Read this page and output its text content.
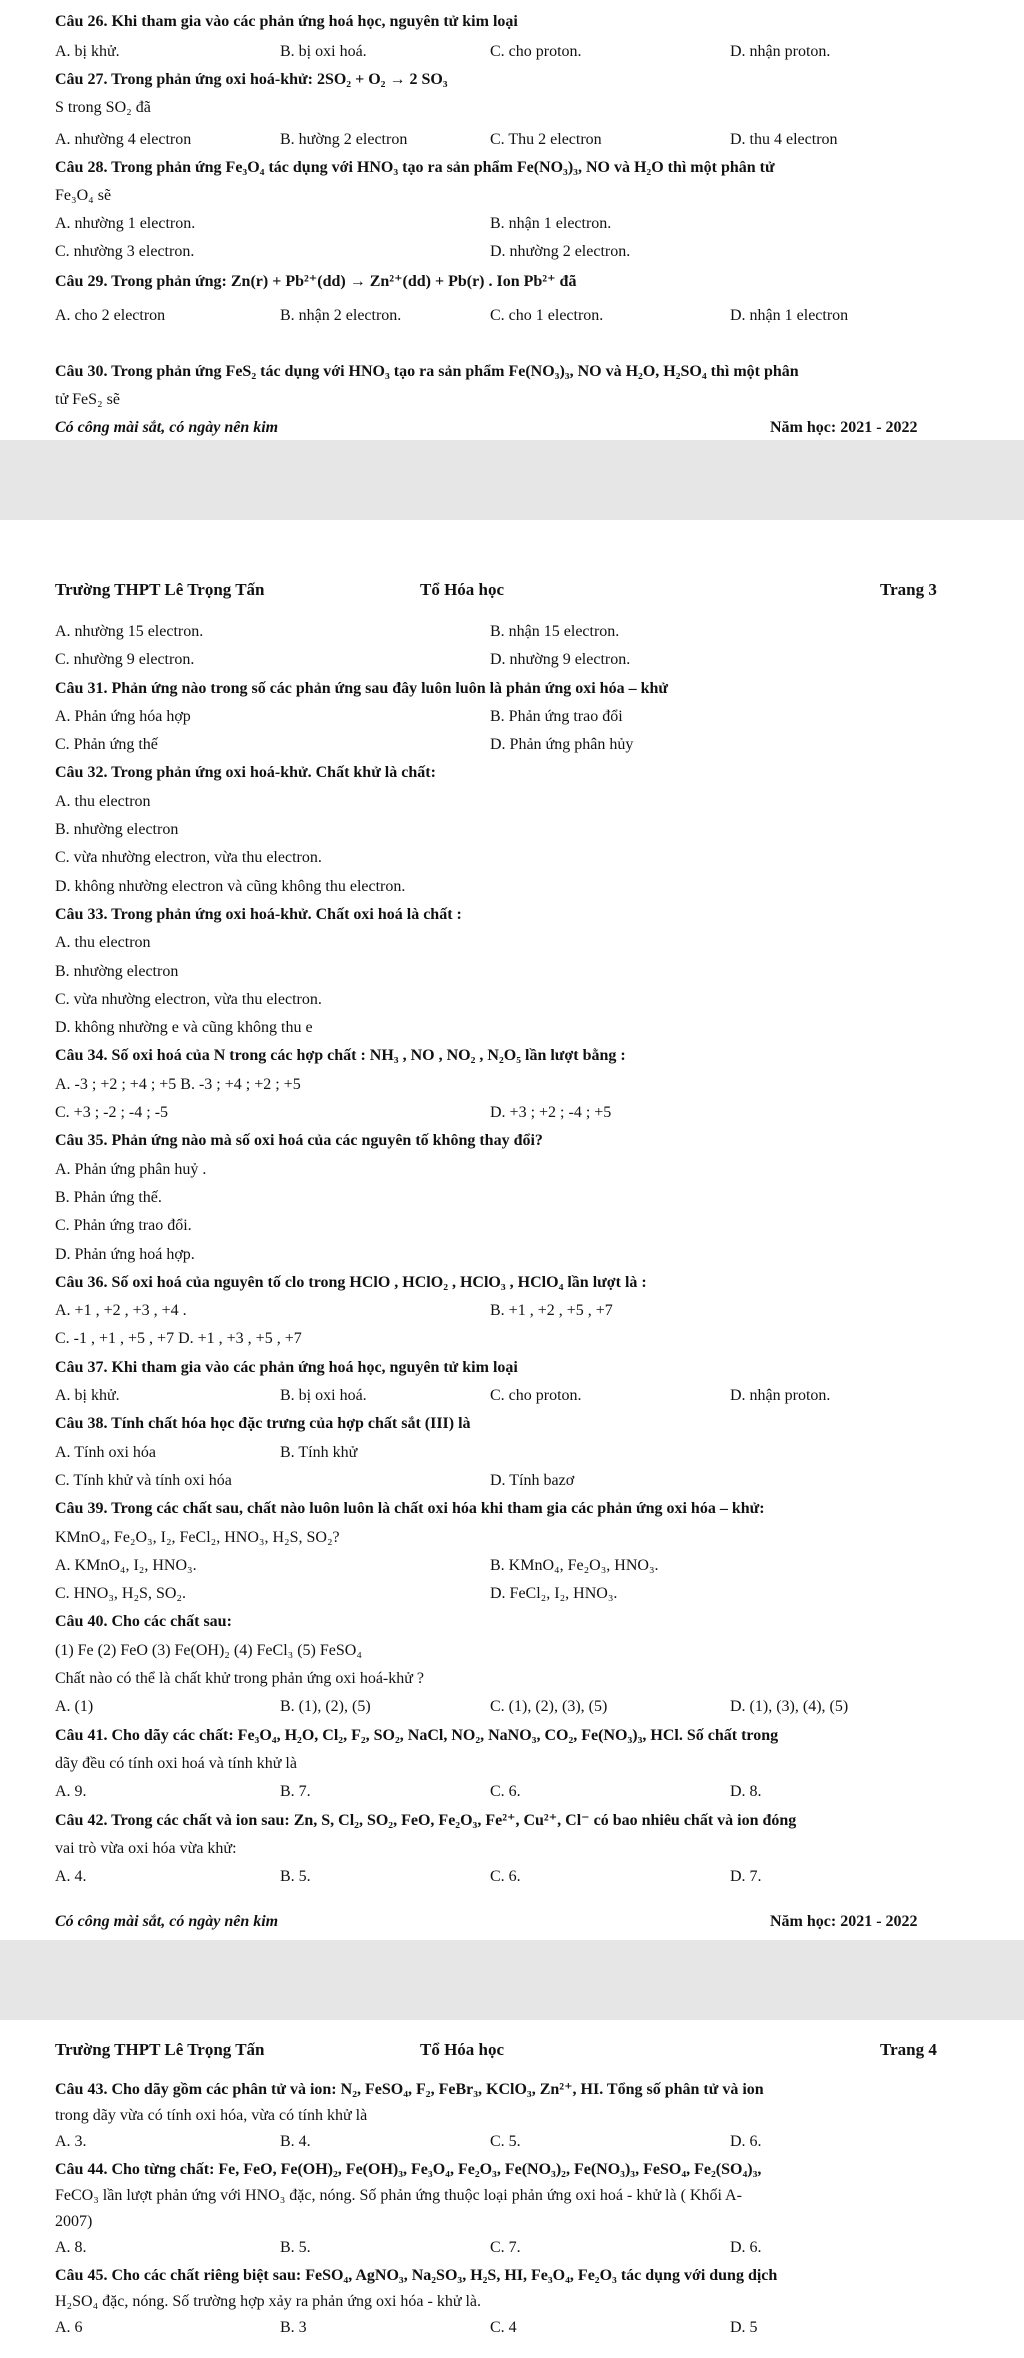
Câu 26. Khi tham gia vào các phản ứng hoá học, nguyên tử kim loại
A. bị khử.	B. bị oxi hoá.	C. cho proton.	D. nhận proton.
Câu 27. Trong phản ứng oxi hoá-khử: 2SO₂ + O₂ → 2 SO₃
S trong SO₂ đã
A. nhường 4 electron	B. hường 2 electron	C. Thu 2 electron	D. thu 4 electron
Câu 28. Trong phản ứng Fe₃O₄ tác dụng với HNO₃ tạo ra sản phẩm Fe(NO₃)₃, NO và H₂O thì một phân tử
Fe₃O₄ sẽ
A. nhường 1 electron.	B. nhận 1 electron.
C. nhường 3 electron.	D. nhường 2 electron.
Câu 29. Trong phản ứng: Zn(r) + Pb²⁺(dd) → Zn²⁺(dd) + Pb(r) . Ion Pb²⁺ đã
A. cho 2 electron	B. nhận 2 electron.	C. cho 1 electron.	D. nhận 1 electron
Câu 30. Trong phản ứng FeS₂ tác dụng với HNO₃ tạo ra sản phẩm Fe(NO₃)₃, NO và H₂O, H₂SO₄ thì một phân
tử FeS₂ sẽ
Có công mài sắt, có ngày nên kim	Năm học: 2021 - 2022
Trường THPT Lê Trọng Tấn	Tổ Hóa học	Trang 3
A. nhường 15 electron.	B. nhận 15 electron.
C. nhường 9 electron.	D. nhường 9 electron.
Câu 31. Phản ứng nào trong số các phản ứng sau đây luôn luôn là phản ứng oxi hóa – khử
A. Phản ứng hóa hợp	B. Phản ứng trao đổi
C. Phản ứng thế	D. Phản ứng phân hủy
Câu 32. Trong phản ứng oxi hoá-khử. Chất khử là chất:
A. thu electron
B. nhường electron
C. vừa nhường electron, vừa thu electron.
D. không nhường electron và cũng không thu electron.
Câu 33. Trong phản ứng oxi hoá-khử. Chất oxi hoá là chất :
A. thu electron
B. nhường electron
C. vừa nhường electron, vừa thu electron.
D. không nhường e và cũng không thu e
Câu 34. Số oxi hoá của N trong các hợp chất : NH₃ , NO , NO₂ , N₂O₅ lần lượt bằng :
A. -3 ; +2 ; +4 ; +5 B. -3 ; +4 ; +2 ; +5
C. +3 ; -2 ; -4 ; -5	D. +3 ; +2 ; -4 ; +5
Câu 35. Phản ứng nào mà số oxi hoá của các nguyên tố không thay đổi?
A. Phản ứng phân huỷ .
B. Phản ứng thế.
C. Phản ứng trao đổi.
D. Phản ứng hoá hợp.
Câu 36. Số oxi hoá của nguyên tố clo trong HClO , HClO₂ , HClO₃ , HClO₄ lần lượt là :
A. +1 , +2 , +3 , +4 .	B. +1 , +2 , +5 , +7
C. -1 , +1 , +5 , +7 D. +1 , +3 , +5 , +7
Câu 37. Khi tham gia vào các phản ứng hoá học, nguyên tử kim loại
A. bị khử.	B. bị oxi hoá.	C. cho proton.	D. nhận proton.
Câu 38. Tính chất hóa học đặc trưng của hợp chất sắt (III) là
A. Tính oxi hóa	B. Tính khử
C. Tính khử và tính oxi hóa	D. Tính bazơ
Câu 39. Trong các chất sau, chất nào luôn luôn là chất oxi hóa khi tham gia các phản ứng oxi hóa – khử:
KMnO₄, Fe₂O₃, I₂, FeCl₂, HNO₃, H₂S, SO₂?
A. KMnO₄, I₂, HNO₃.	B. KMnO₄, Fe₂O₃, HNO₃.
C. HNO₃, H₂S, SO₂.	D. FeCl₂, I₂, HNO₃.
Câu 40. Cho các chất sau:
(1) Fe (2) FeO (3) Fe(OH)₂ (4) FeCl₃ (5) FeSO₄
Chất nào có thể là chất khử trong phản ứng oxi hoá-khử ?
A. (1)	B. (1), (2), (5)	C. (1), (2), (3), (5)	D. (1), (3), (4), (5)
Câu 41. Cho dãy các chất: Fe₃O₄, H₂O, Cl₂, F₂, SO₂, NaCl, NO₂, NaNO₃, CO₂, Fe(NO₃)₃, HCl. Số chất trong
dãy đều có tính oxi hoá và tính khử là
A. 9.	B. 7.	C. 6.	D. 8.
Câu 42. Trong các chất và ion sau: Zn, S, Cl₂, SO₂, FeO, Fe₂O₃, Fe²⁺, Cu²⁺, Cl⁻ có bao nhiêu chất và ion đóng
vai trò vừa oxi hóa vừa khử:
A. 4.	B. 5.	C. 6.	D. 7.
Có công mài sắt, có ngày nên kim	Năm học: 2021 - 2022
Trường THPT Lê Trọng Tấn	Tổ Hóa học	Trang 4
Câu 43. Cho dãy gồm các phân tử và ion: N₂, FeSO₄, F₂, FeBr₃, KClO₃, Zn²⁺, HI. Tổng số phân tử và ion
trong dãy vừa có tính oxi hóa, vừa có tính khử là
A. 3.	B. 4.	C. 5.	D. 6.
Câu 44. Cho từng chất: Fe, FeO, Fe(OH)₂, Fe(OH)₃, Fe₃O₄, Fe₂O₃, Fe(NO₃)₂, Fe(NO₃)₃, FeSO₄, Fe₂(SO₄)₃,
FeCO₃ lần lượt phản ứng với HNO₃ đặc, nóng. Số phản ứng thuộc loại phản ứng oxi hoá - khử là ( Khối A-
2007)
A. 8.	B. 5.	C. 7.	D. 6.
Câu 45. Cho các chất riêng biệt sau: FeSO₄, AgNO₃, Na₂SO₃, H₂S, HI, Fe₃O₄, Fe₂O₃ tác dụng với dung dịch
H₂SO₄ đặc, nóng. Số trường hợp xảy ra phản ứng oxi hóa - khử là.
A. 6	B. 3	C. 4	D. 5
